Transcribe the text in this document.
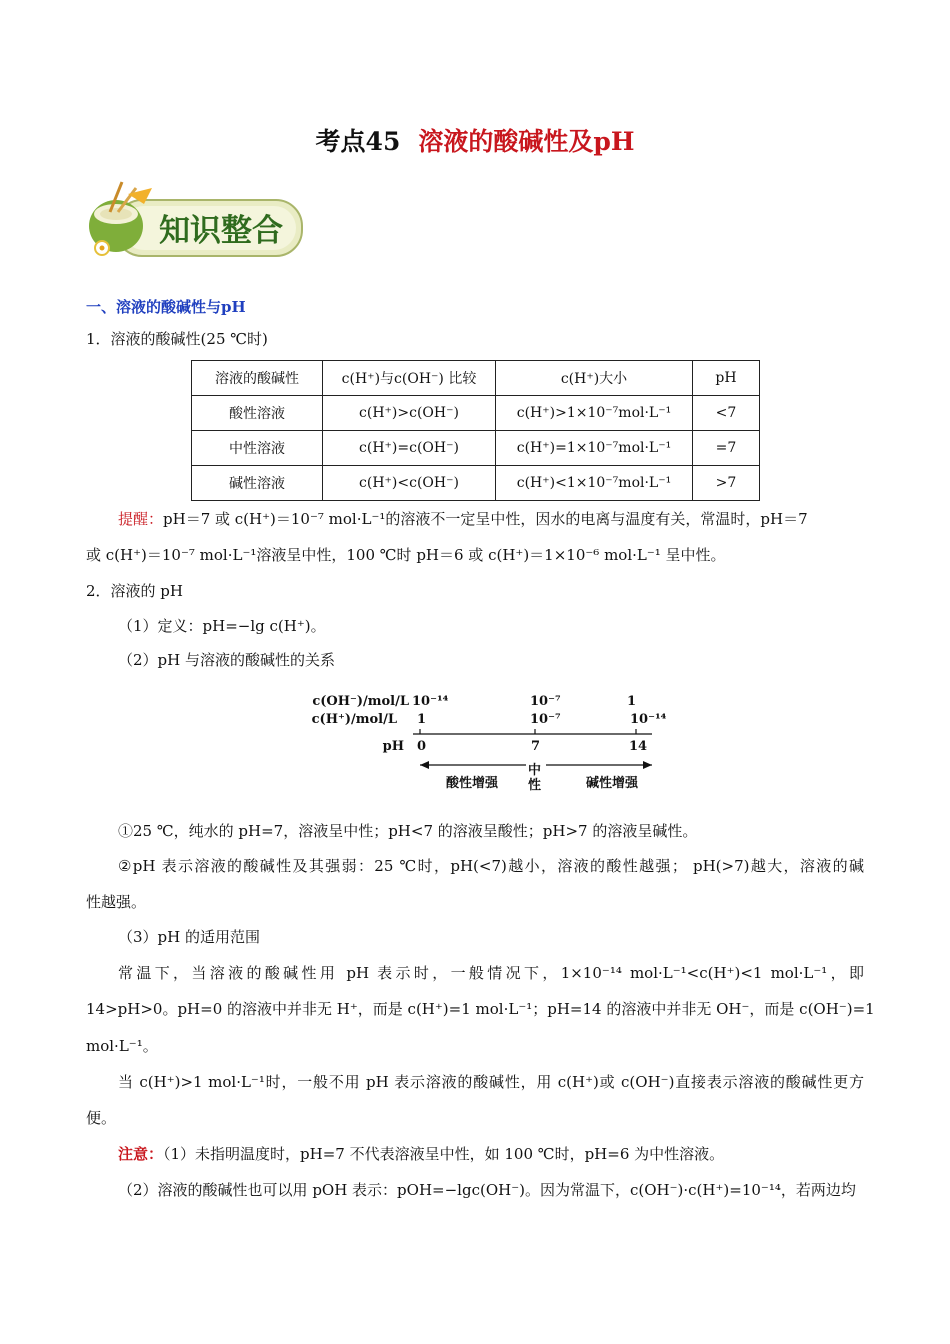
考点45 溶液的酸碱性及pH
知识整合
一、溶液的酸碱性与pH
1．溶液的酸碱性(25 ℃时)
溶液的酸碱性	c(H⁺)与c(OH⁻) 比较	c(H⁺)大小	pH
酸性溶液	c(H⁺)>c(OH⁻)	c(H⁺)>1×10⁻⁷mol·L⁻¹	<7
中性溶液	c(H⁺)=c(OH⁻)	c(H⁺)=1×10⁻⁷mol·L⁻¹	=7
碱性溶液	c(H⁺)<c(OH⁻)	c(H⁺)<1×10⁻⁷mol·L⁻¹	>7
提醒：pH＝7 或 c(H⁺)＝10⁻⁷ mol·L⁻¹的溶液不一定呈中性，因水的电离与温度有关，常温时，pH＝7
或 c(H⁺)＝10⁻⁷ mol·L⁻¹溶液呈中性，100 ℃时 pH＝6 或 c(H⁺)＝1×10⁻⁶ mol·L⁻¹ 呈中性。
2．溶液的 pH
（1）定义：pH=−lg c(H⁺)。
（2）pH 与溶液的酸碱性的关系
c(OH⁻)/mol/L
c(H⁺)/mol/L
pH
10⁻¹⁴	10⁻⁷	1
1	10⁻⁷	10⁻¹⁴
0	7	14
酸性增强	碱性增强
中
性
①25 ℃，纯水的 pH=7，溶液呈中性；pH<7 的溶液呈酸性；pH>7 的溶液呈碱性。
②pH 表示溶液的酸碱性及其强弱：25 ℃时，pH(<7)越小，溶液的酸性越强； pH(>7)越大，溶液的碱
性越强。
（3）pH 的适用范围
常温下，当溶液的酸碱性用 pH 表示时，一般情况下，1×10⁻¹⁴ mol·L⁻¹<c(H⁺)<1 mol·L⁻¹，即
14>pH>0。pH=0 的溶液中并非无 H⁺，而是 c(H⁺)=1 mol·L⁻¹；pH=14 的溶液中并非无 OH⁻，而是 c(OH⁻)=1
mol·L⁻¹。
当 c(H⁺)>1 mol·L⁻¹时，一般不用 pH 表示溶液的酸碱性，用 c(H⁺)或 c(OH⁻)直接表示溶液的酸碱性更方
便。
注意：（1）未指明温度时，pH=7 不代表溶液呈中性，如 100 ℃时，pH=6 为中性溶液。
（2）溶液的酸碱性也可以用 pOH 表示：pOH=−lgc(OH⁻)。因为常温下，c(OH⁻)·c(H⁺)=10⁻¹⁴，若两边均
